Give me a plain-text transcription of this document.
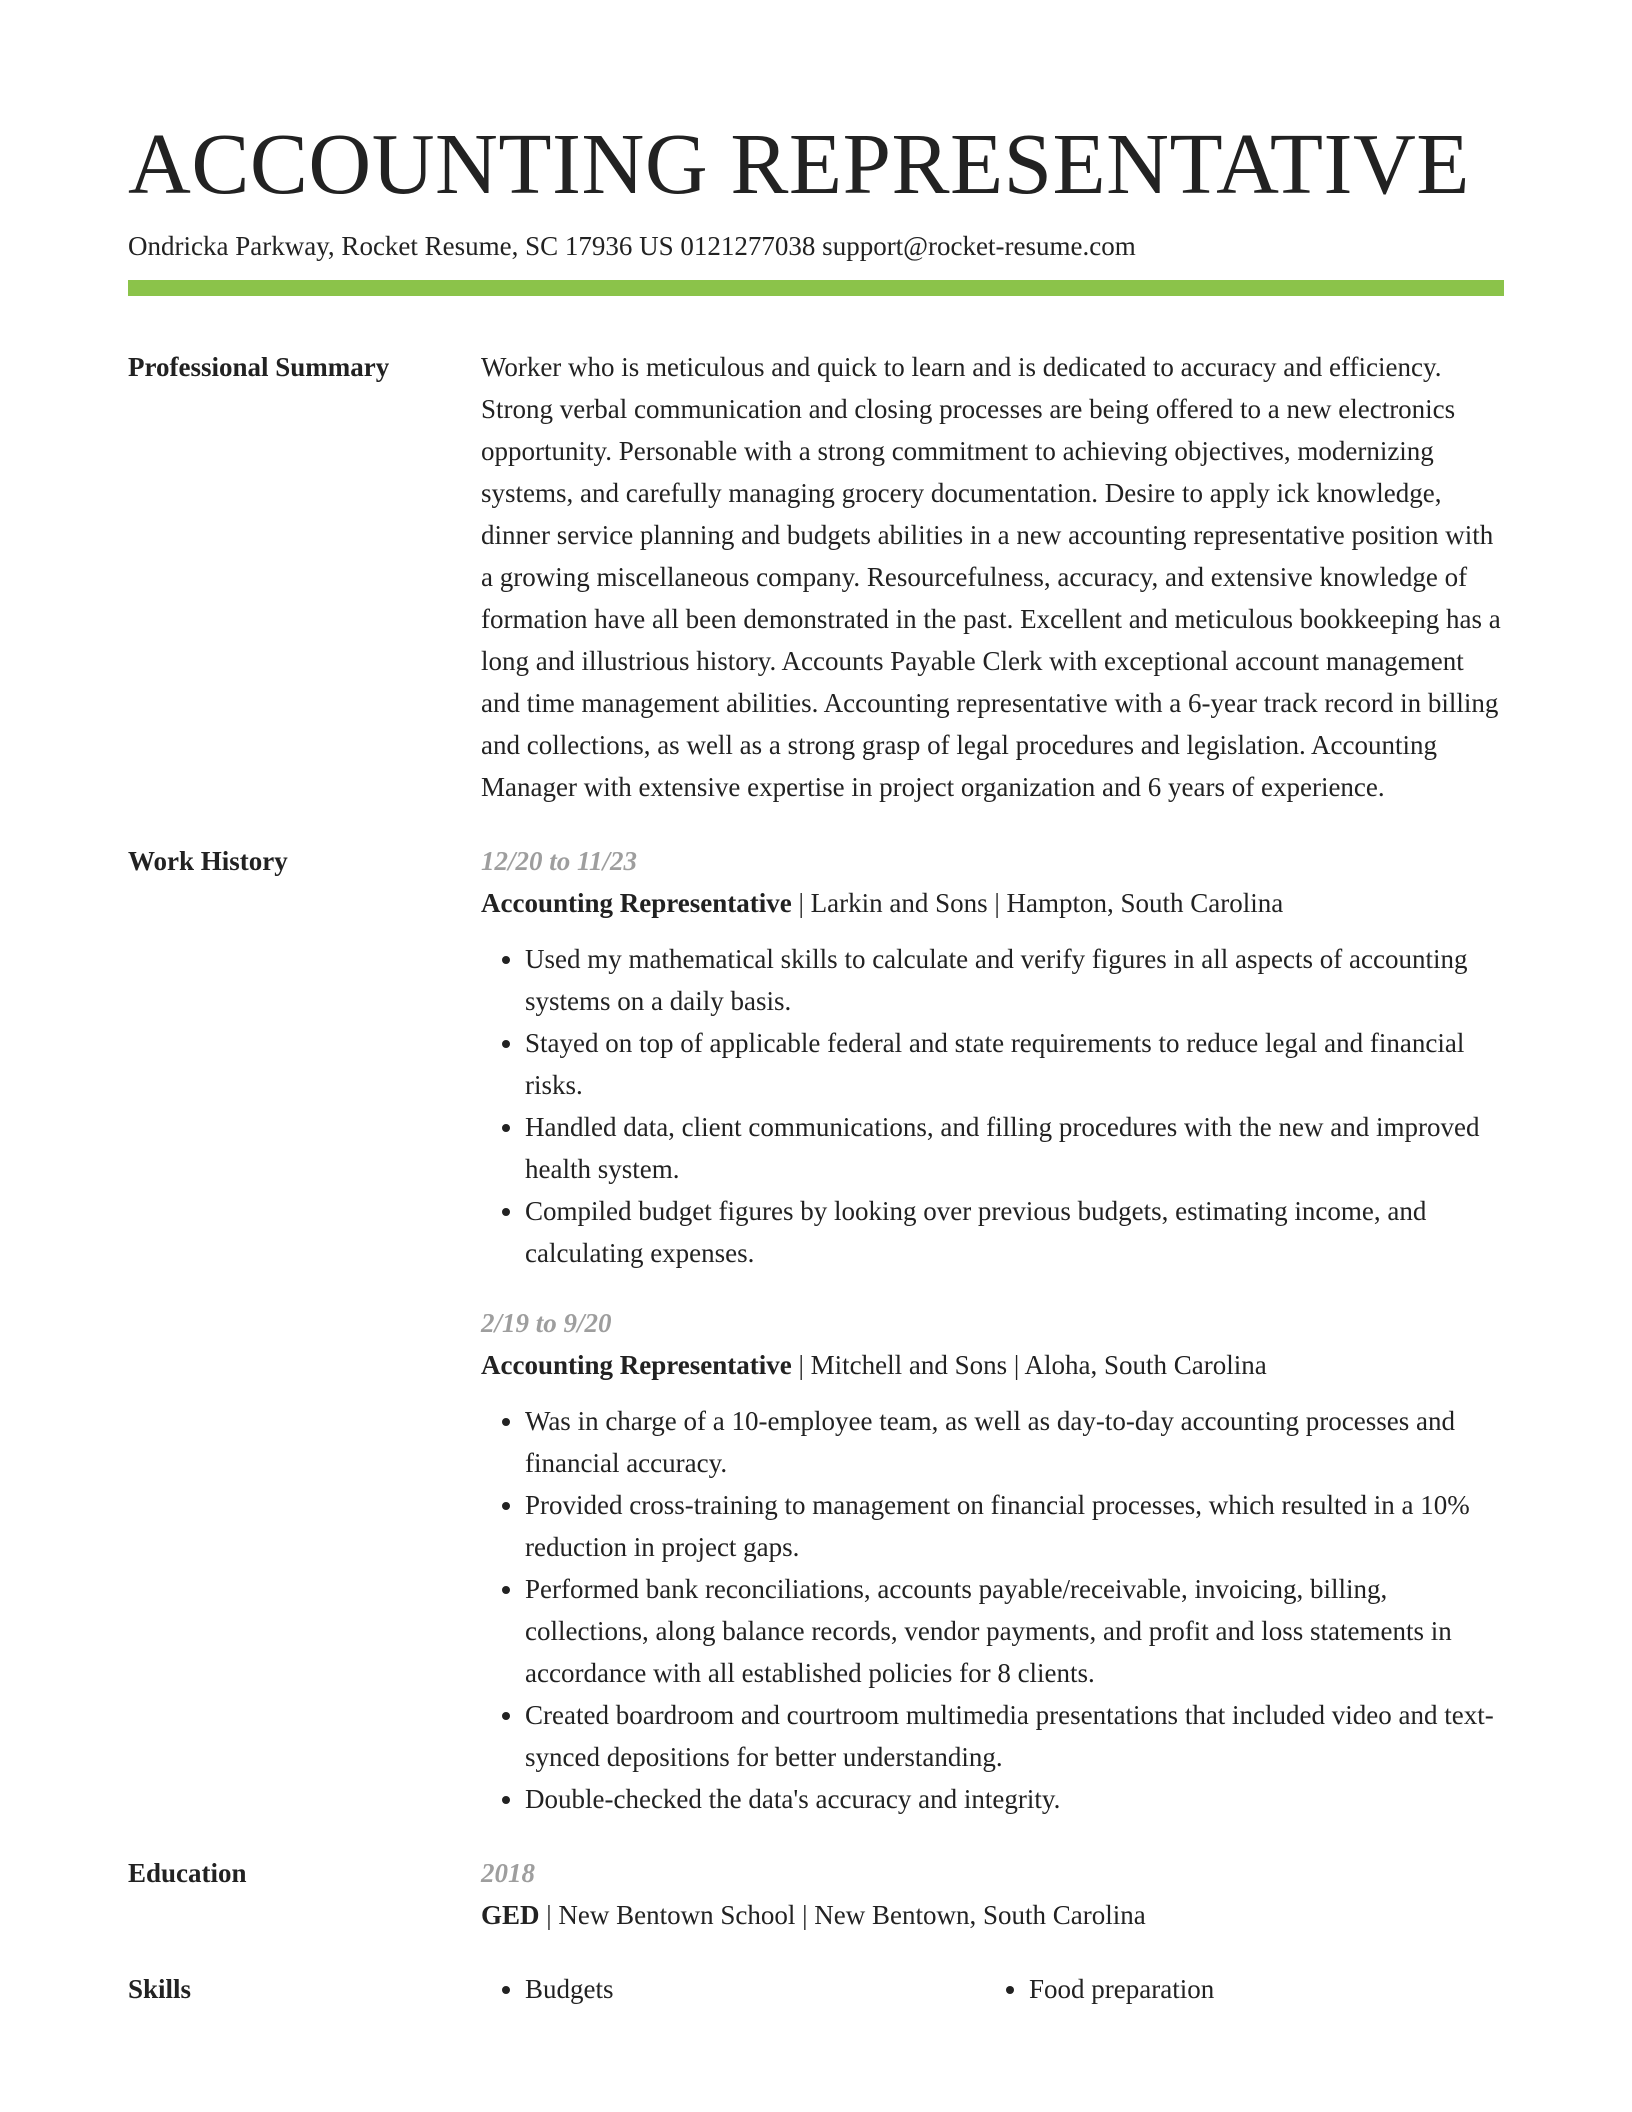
ACCOUNTING REPRESENTATIVE
Ondricka Parkway, Rocket Resume, SC 17936 US 0121277038 support@rocket-resume.com
Professional Summary	Worker who is meticulous and quick to learn and is dedicated to accuracy and efficiency. Strong verbal communication and closing processes are being offered to a new electronics opportunity. Personable with a strong commitment to achieving objectives, modernizing systems, and carefully managing grocery documentation. Desire to apply ick knowledge, dinner service planning and budgets abilities in a new accounting representative position with a growing miscellaneous company. Resourcefulness, accuracy, and extensive knowledge of formation have all been demonstrated in the past. Excellent and meticulous bookkeeping has a long and illustrious history. Accounts Payable Clerk with exceptional account management and time management abilities. Accounting representative with a 6-year track record in billing and collections, as well as a strong grasp of legal procedures and legislation. Accounting Manager with extensive expertise in project organization and 6 years of experience.

Work History	12/20 to 11/23
Accounting Representative | Larkin and Sons | Hampton, South Carolina
• Used my mathematical skills to calculate and verify figures in all aspects of accounting systems on a daily basis.
• Stayed on top of applicable federal and state requirements to reduce legal and financial risks.
• Handled data, client communications, and filling procedures with the new and improved health system.
• Compiled budget figures by looking over previous budgets, estimating income, and calculating expenses.
2/19 to 9/20
Accounting Representative | Mitchell and Sons | Aloha, South Carolina
• Was in charge of a 10-employee team, as well as day-to-day accounting processes and financial accuracy.
• Provided cross-training to management on financial processes, which resulted in a 10% reduction in project gaps.
• Performed bank reconciliations, accounts payable/receivable, invoicing, billing, collections, along balance records, vendor payments, and profit and loss statements in accordance with all established policies for 8 clients.
• Created boardroom and courtroom multimedia presentations that included video and text-synced depositions for better understanding.
• Double-checked the data's accuracy and integrity.
Education	2018
GED | New Bentown School | New Bentown, South Carolina
Skills	• Budgets	• Food preparation
